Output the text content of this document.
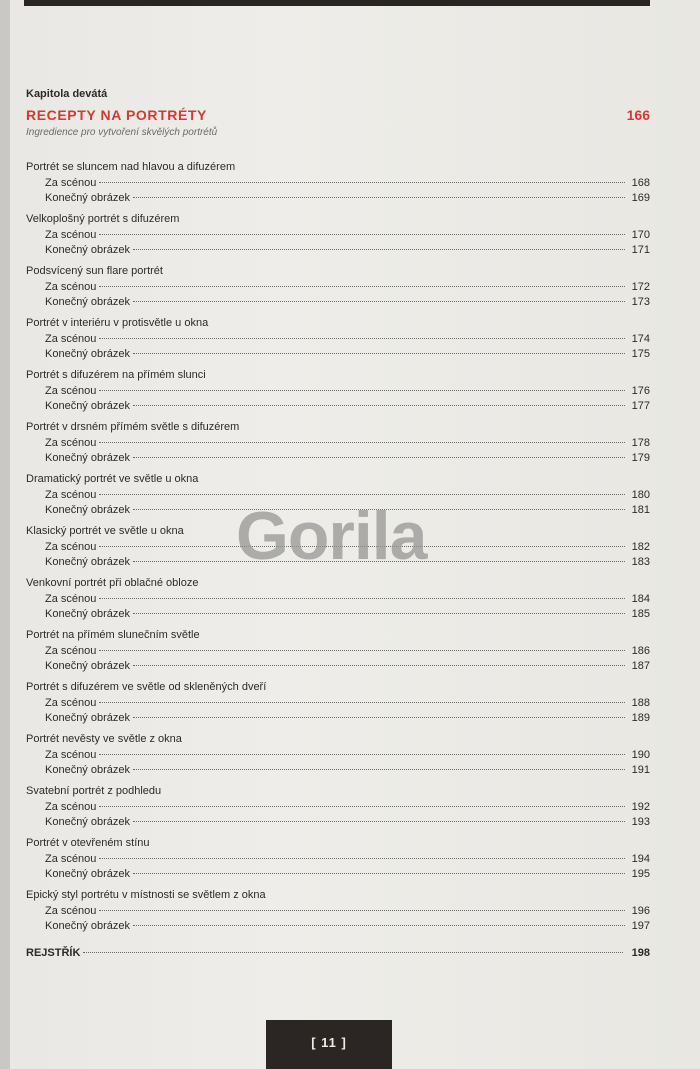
Kapitola devátá
RECEPTY NA PORTRÉTY	166
Ingredience pro vytvoření skvělých portrétů
Portrét se sluncem nad hlavou a difuzérem
Za scénou	168
Konečný obrázek	169
Velkoplošný portrét s difuzérem
Za scénou	170
Konečný obrázek	171
Podsvícený sun flare portrét
Za scénou	172
Konečný obrázek	173
Portrét v interiéru v protisvětle u okna
Za scénou	174
Konečný obrázek	175
Portrét s difuzérem na přímém slunci
Za scénou	176
Konečný obrázek	177
Portrét v drsném přímém světle s difuzérem
Za scénou	178
Konečný obrázek	179
Dramatický portrét ve světle u okna
Za scénou	180
Konečný obrázek	181
Klasický portrét ve světle u okna
Za scénou	182
Konečný obrázek	183
Venkovní portrét při oblačné obloze
Za scénou	184
Konečný obrázek	185
Portrét na přímém slunečním světle
Za scénou	186
Konečný obrázek	187
Portrét s difuzérem ve světle od skleněných dveří
Za scénou	188
Konečný obrázek	189
Portrét nevěsty ve světle z okna
Za scénou	190
Konečný obrázek	191
Svatební portrét z podhledu
Za scénou	192
Konečný obrázek	193
Portrét v otevřeném stínu
Za scénou	194
Konečný obrázek	195
Epický styl portrétu v místnosti se světlem z okna
Za scénou	196
Konečný obrázek	197
REJSTŘÍK	198
Gorila
[ 11 ]
